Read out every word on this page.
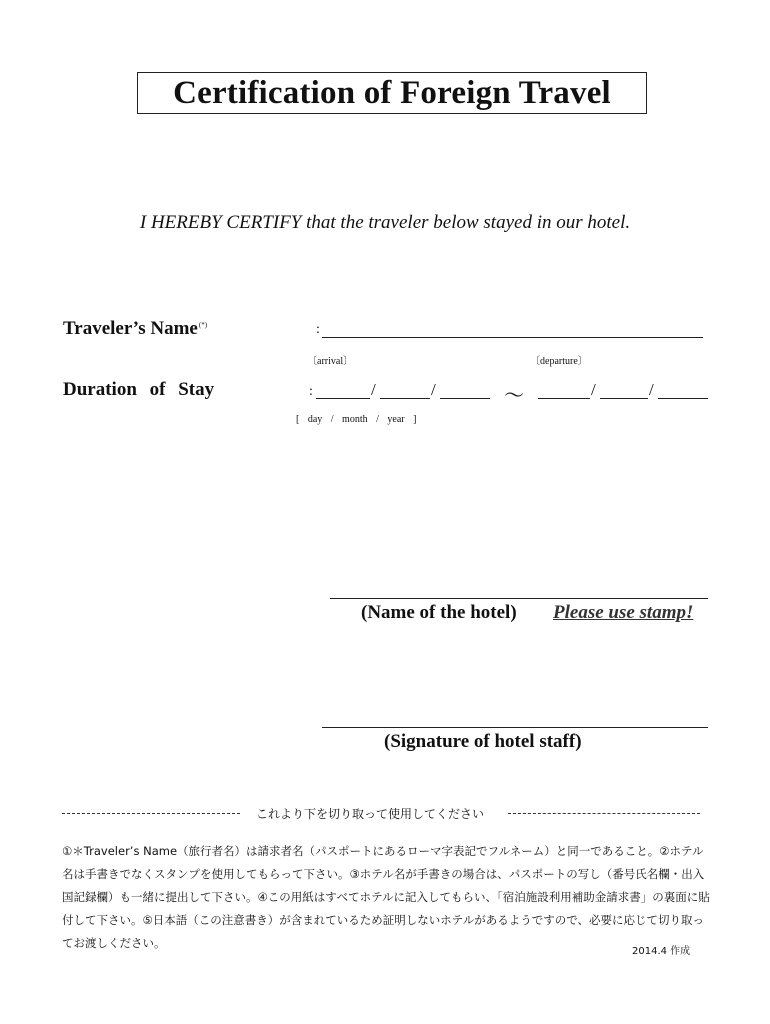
Certification of Foreign Travel
I HEREBY CERTIFY that the traveler below stayed in our hotel.
Traveler’s Name(*)	:
〔arrival〕	〔departure〕
Duration of Stay	:	/	/	〜	/	/
[ day / month / year ]
(Name of the hotel) Please use stamp!
(Signature of hotel staff)
これより下を切り取って使用してください
①＊Traveler’s Name（旅行者名）は請求者名（パスポートにあるローマ字表記でフルネーム）と同一であること。②ホテル名は手書きでなくスタンプを使用してもらって下さい。③ホテル名が手書きの場合は、パスポートの写し（番号氏名欄・出入国記録欄）も一緒に提出して下さい。④この用紙はすべてホテルに記入してもらい、「宿泊施設利用補助金請求書」の裏面に貼付して下さい。⑤日本語（この注意書き）が含まれているため証明しないホテルがあるようですので、必要に応じて切り取ってお渡しください。
2014.4 作成
